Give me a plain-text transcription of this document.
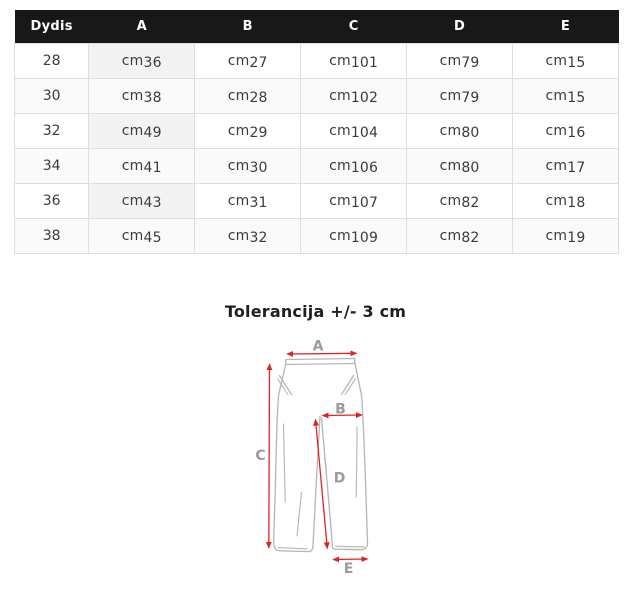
Dydis	A	B	C	D	E
28	cm36	cm27	cm101	cm79	cm15
30	cm38	cm28	cm102	cm79	cm15
32	cm49	cm29	cm104	cm80	cm16
34	cm41	cm30	cm106	cm80	cm17
36	cm43	cm31	cm107	cm82	cm18
38	cm45	cm32	cm109	cm82	cm19
Tolerancija +/- 3 cm
A
B
C
D
E
